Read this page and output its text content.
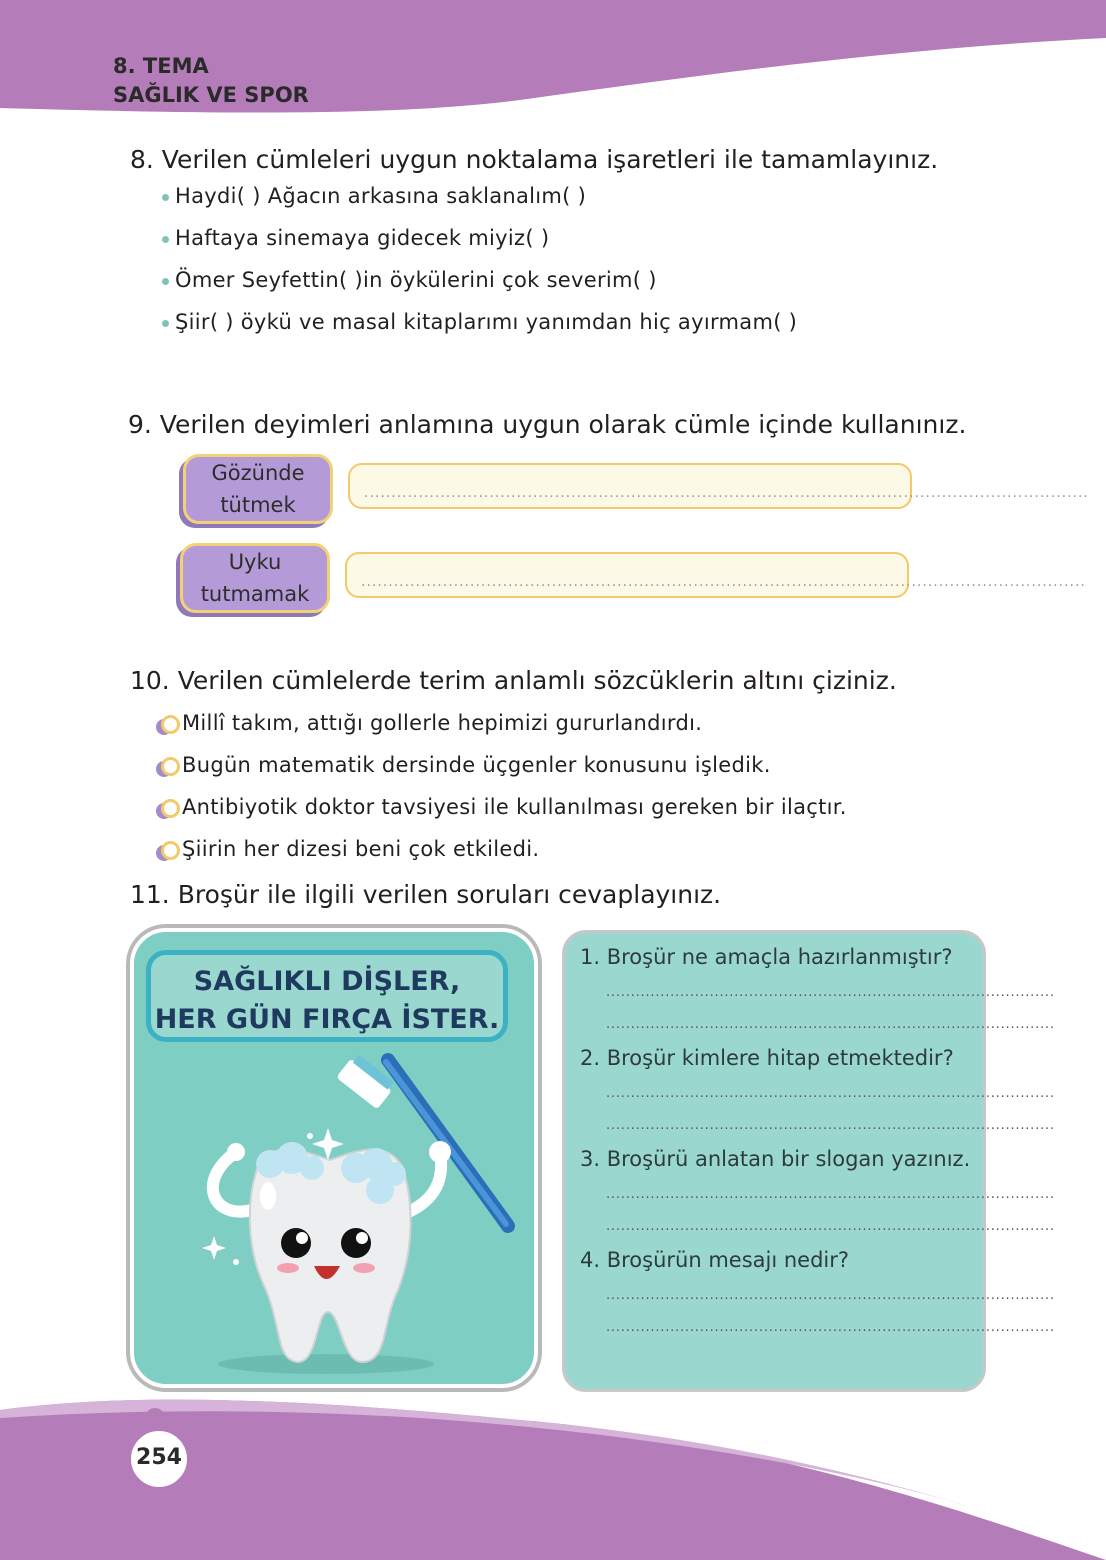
8. TEMA
SAĞLIK VE SPOR
8. Verilen cümleleri uygun noktalama işaretleri ile tamamlayınız.
Haydi( ) Ağacın arkasına saklanalım( )
Haftaya sinemaya gidecek miyiz( )
Ömer Seyfettin( )in öykülerini çok severim( )
Şiir( ) öykü ve masal kitaplarımı yanımdan hiç ayırmam( )
9. Verilen deyimleri anlamına uygun olarak cümle içinde kullanınız.
Gözünde
tütmek	.....................................................................................................................................
Uyku
tutmamak	.....................................................................................................................................
10. Verilen cümlelerde terim anlamlı sözcüklerin altını çiziniz.
Millî takım, attığı gollerle hepimizi gururlandırdı.
Bugün matematik dersinde üçgenler konusunu işledik.
Antibiyotik doktor tavsiyesi ile kullanılması gereken bir ilaçtır.
Şiirin her dizesi beni çok etkiledi.
11. Broşür ile ilgili verilen soruları cevaplayınız.
SAĞLIKLI DİŞLER,
HER GÜN FIRÇA İSTER.
1. Broşür ne amaçla hazırlanmıştır?
...........................................................................................
...........................................................................................
2. Broşür kimlere hitap etmektedir?
...........................................................................................
...........................................................................................
3. Broşürü anlatan bir slogan yazınız.
...........................................................................................
...........................................................................................
4. Broşürün mesajı nedir?
...........................................................................................
...........................................................................................
254
